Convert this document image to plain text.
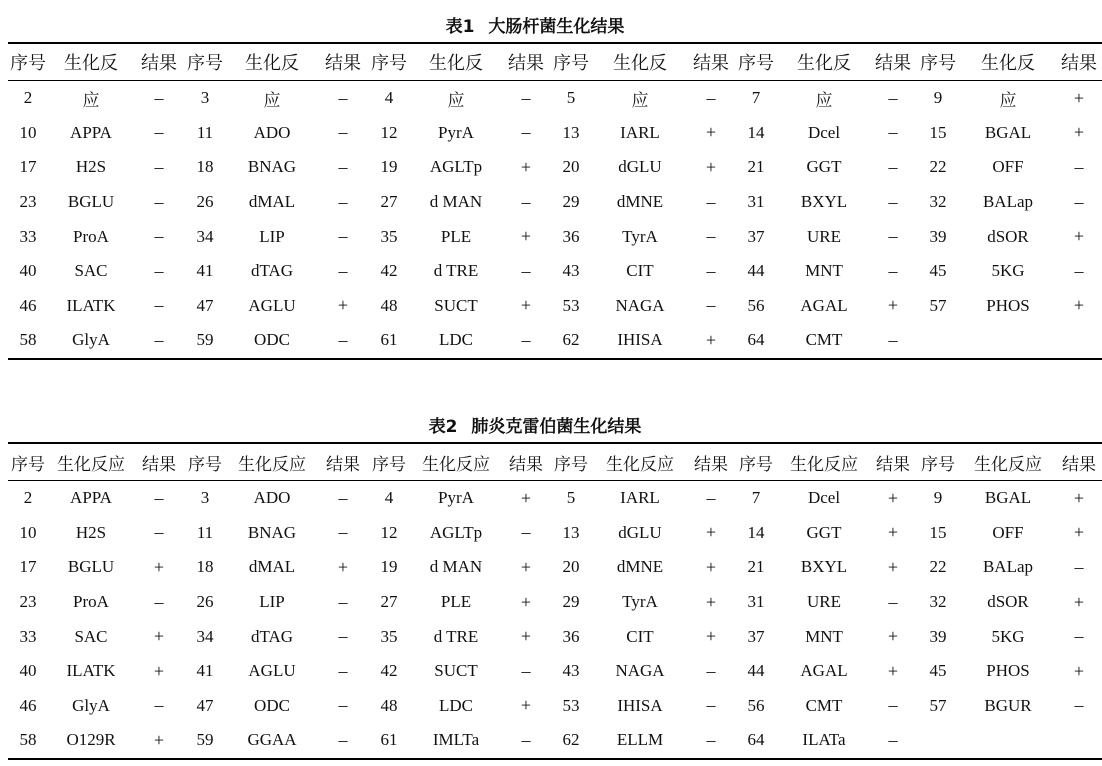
表1 大肠杆菌生化结果
序号	生化反	结果	序号	生化反	结果	序号	生化反	结果	序号	生化反	结果	序号	生化反	结果	序号	生化反	结果
2	应	–	3	应	–	4	应	–	5	应	–	7	应	–	9	应	+
10	APPA	–	11	ADO	–	12	PyrA	–	13	IARL	+	14	Dcel	–	15	BGAL	+
17	H2S	–	18	BNAG	–	19	AGLTp	+	20	dGLU	+	21	GGT	–	22	OFF	–
23	BGLU	–	26	dMAL	–	27	d MAN	–	29	dMNE	–	31	BXYL	–	32	BALap	–
33	ProA	–	34	LIP	–	35	PLE	+	36	TyrA	–	37	URE	–	39	dSOR	+
40	SAC	–	41	dTAG	–	42	d TRE	–	43	CIT	–	44	MNT	–	45	5KG	–
46	ILATK	–	47	AGLU	+	48	SUCT	+	53	NAGA	–	56	AGAL	+	57	PHOS	+
58	GlyA	–	59	ODC	–	61	LDC	–	62	IHISA	+	64	CMT	–			
表2 肺炎克雷伯菌生化结果
序号	生化反应	结果	序号	生化反应	结果	序号	生化反应	结果	序号	生化反应	结果	序号	生化反应	结果	序号	生化反应	结果
2	APPA	–	3	ADO	–	4	PyrA	+	5	IARL	–	7	Dcel	+	9	BGAL	+
10	H2S	–	11	BNAG	–	12	AGLTp	–	13	dGLU	+	14	GGT	+	15	OFF	+
17	BGLU	+	18	dMAL	+	19	d MAN	+	20	dMNE	+	21	BXYL	+	22	BALap	–
23	ProA	–	26	LIP	–	27	PLE	+	29	TyrA	+	31	URE	–	32	dSOR	+
33	SAC	+	34	dTAG	–	35	d TRE	+	36	CIT	+	37	MNT	+	39	5KG	–
40	ILATK	+	41	AGLU	–	42	SUCT	–	43	NAGA	–	44	AGAL	+	45	PHOS	+
46	GlyA	–	47	ODC	–	48	LDC	+	53	IHISA	–	56	CMT	–	57	BGUR	–
58	O129R	+	59	GGAA	–	61	IMLTa	–	62	ELLM	–	64	ILATa	–			
